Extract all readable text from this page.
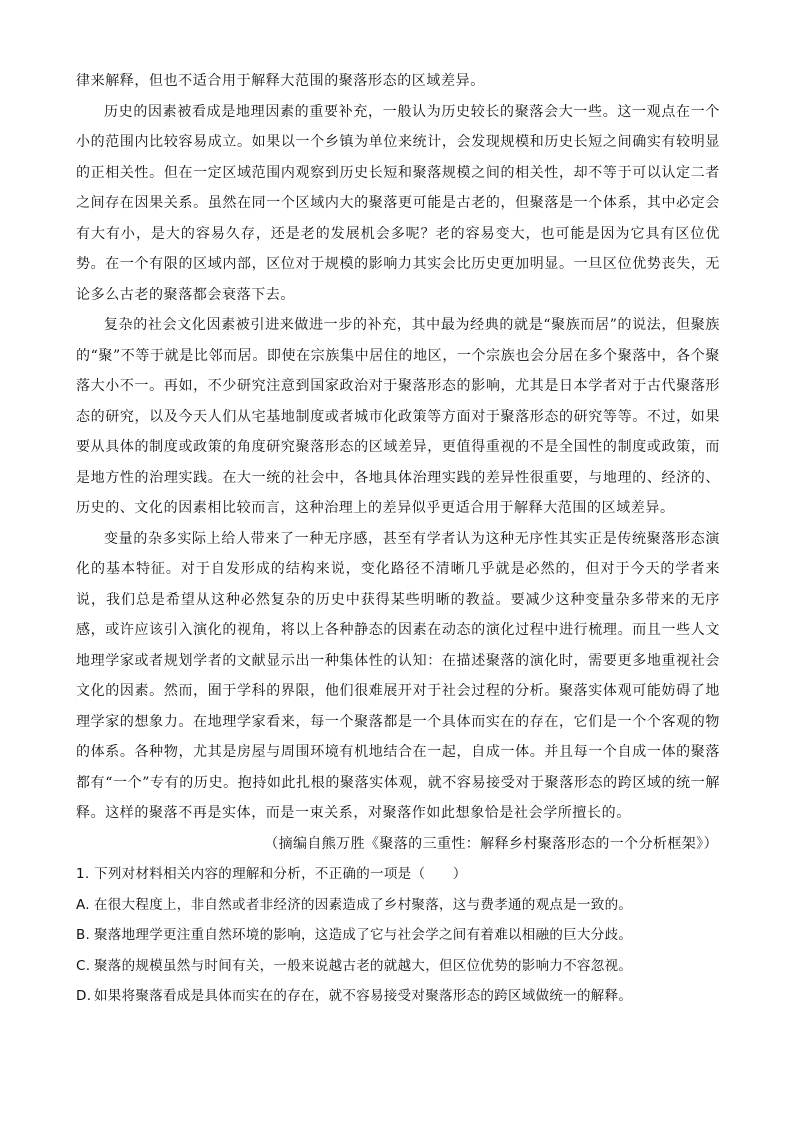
律来解释，但也不适合用于解释大范围的聚落形态的区域差异。

历史的因素被看成是地理因素的重要补充，一般认为历史较长的聚落会大一些。这一观点在一个小的范围内比较容易成立。如果以一个乡镇为单位来统计，会发现规模和历史长短之间确实有较明显的正相关性。但在一定区域范围内观察到历史长短和聚落规模之间的相关性，却不等于可以认定二者之间存在因果关系。虽然在同一个区域内大的聚落更可能是古老的，但聚落是一个体系，其中必定会有大有小，是大的容易久存，还是老的发展机会多呢？老的容易变大，也可能是因为它具有区位优势。在一个有限的区域内部，区位对于规模的影响力其实会比历史更加明显。一旦区位优势丧失，无论多么古老的聚落都会衰落下去。

复杂的社会文化因素被引进来做进一步的补充，其中最为经典的就是“聚族而居”的说法，但聚族的“聚”不等于就是比邻而居。即使在宗族集中居住的地区，一个宗族也会分居在多个聚落中，各个聚落大小不一。再如，不少研究注意到国家政治对于聚落形态的影响，尤其是日本学者对于古代聚落形态的研究，以及今天人们从宅基地制度或者城市化政策等方面对于聚落形态的研究等等。不过，如果要从具体的制度或政策的角度研究聚落形态的区域差异，更值得重视的不是全国性的制度或政策，而是地方性的治理实践。在大一统的社会中，各地具体治理实践的差异性很重要，与地理的、经济的、历史的、文化的因素相比较而言，这种治理上的差异似乎更适合用于解释大范围的区域差异。

变量的杂多实际上给人带来了一种无序感，甚至有学者认为这种无序性其实正是传统聚落形态演化的基本特征。对于自发形成的结构来说，变化路径不清晰几乎就是必然的，但对于今天的学者来说，我们总是希望从这种必然复杂的历史中获得某些明晰的教益。要减少这种变量杂多带来的无序感，或许应该引入演化的视角，将以上各种静态的因素在动态的演化过程中进行梳理。而且一些人文地理学家或者规划学者的文献显示出一种集体性的认知：在描述聚落的演化时，需要更多地重视社会文化的因素。然而，囿于学科的界限，他们很难展开对于社会过程的分析。聚落实体观可能妨碍了地理学家的想象力。在地理学家看来，每一个聚落都是一个具体而实在的存在，它们是一个个客观的物的体系。各种物，尤其是房屋与周围环境有机地结合在一起，自成一体。并且每一个自成一体的聚落都有“一个”专有的历史。抱持如此扎根的聚落实体观，就不容易接受对于聚落形态的跨区域的统一解释。这样的聚落不再是实体，而是一束关系，对聚落作如此想象恰是社会学所擅长的。

（摘编自熊万胜《聚落的三重性：解释乡村聚落形态的一个分析框架》）

1. 下列对材料相关内容的理解和分析，不正确的一项是（　　）

A. 在很大程度上，非自然或者非经济的因素造成了乡村聚落，这与费孝通的观点是一致的。

B. 聚落地理学更注重自然环境的影响，这造成了它与社会学之间有着难以相融的巨大分歧。

C. 聚落的规模虽然与时间有关，一般来说越古老的就越大，但区位优势的影响力不容忽视。

D. 如果将聚落看成是具体而实在的存在，就不容易接受对聚落形态的跨区域做统一的解释。
